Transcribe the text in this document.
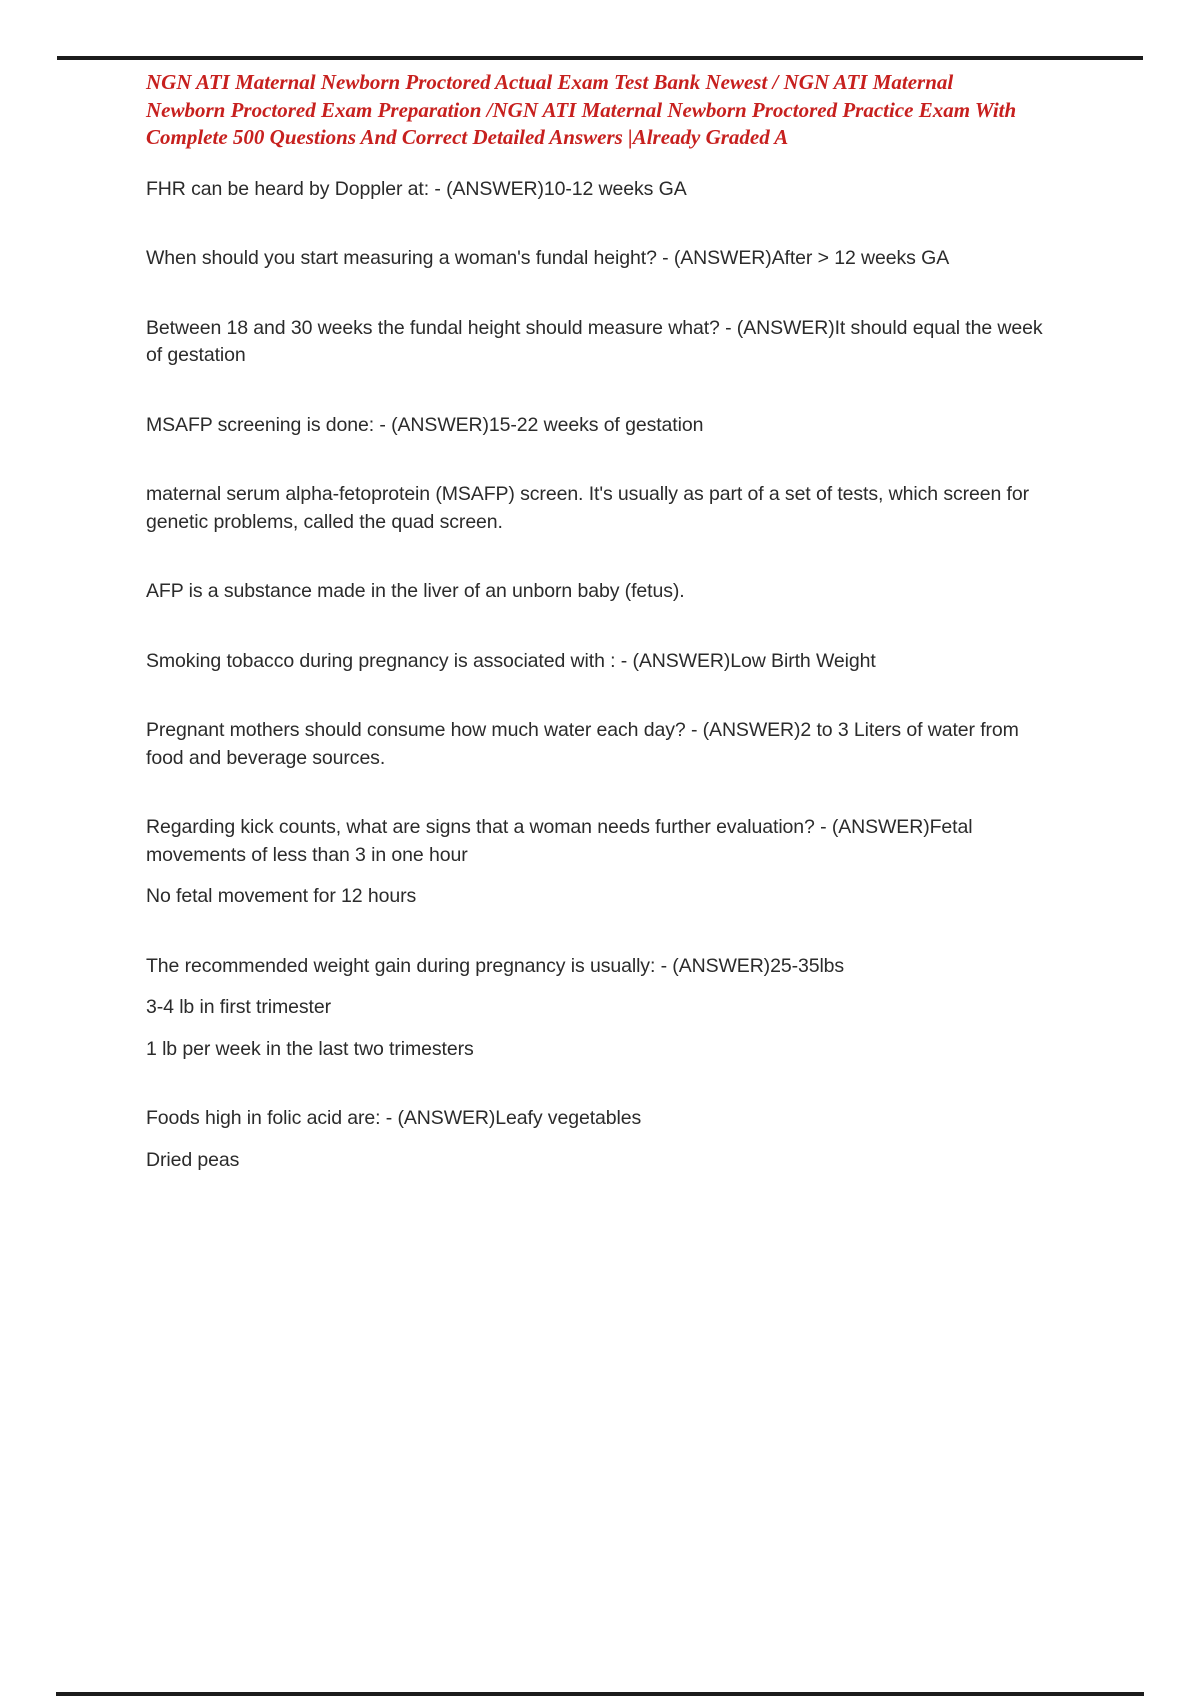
NGN ATI Maternal Newborn Proctored Actual Exam Test Bank Newest / NGN ATI Maternal
Newborn Proctored Exam Preparation /NGN ATI Maternal Newborn Proctored Practice Exam With
Complete 500 Questions And Correct Detailed Answers |Already Graded A
FHR can be heard by Doppler at: - (ANSWER)10-12 weeks GA
When should you start measuring a woman's fundal height? - (ANSWER)After > 12 weeks GA
Between 18 and 30 weeks the fundal height should measure what? - (ANSWER)It should equal the week
of gestation
MSAFP screening is done: - (ANSWER)15-22 weeks of gestation
maternal serum alpha-fetoprotein (MSAFP) screen. It's usually as part of a set of tests, which screen for
genetic problems, called the quad screen.
AFP is a substance made in the liver of an unborn baby (fetus).
Smoking tobacco during pregnancy is associated with : - (ANSWER)Low Birth Weight
Pregnant mothers should consume how much water each day? - (ANSWER)2 to 3 Liters of water from
food and beverage sources.
Regarding kick counts, what are signs that a woman needs further evaluation? - (ANSWER)Fetal
movements of less than 3 in one hour
No fetal movement for 12 hours
The recommended weight gain during pregnancy is usually: - (ANSWER)25-35lbs
3-4 lb in first trimester
1 lb per week in the last two trimesters
Foods high in folic acid are: - (ANSWER)Leafy vegetables
Dried peas
